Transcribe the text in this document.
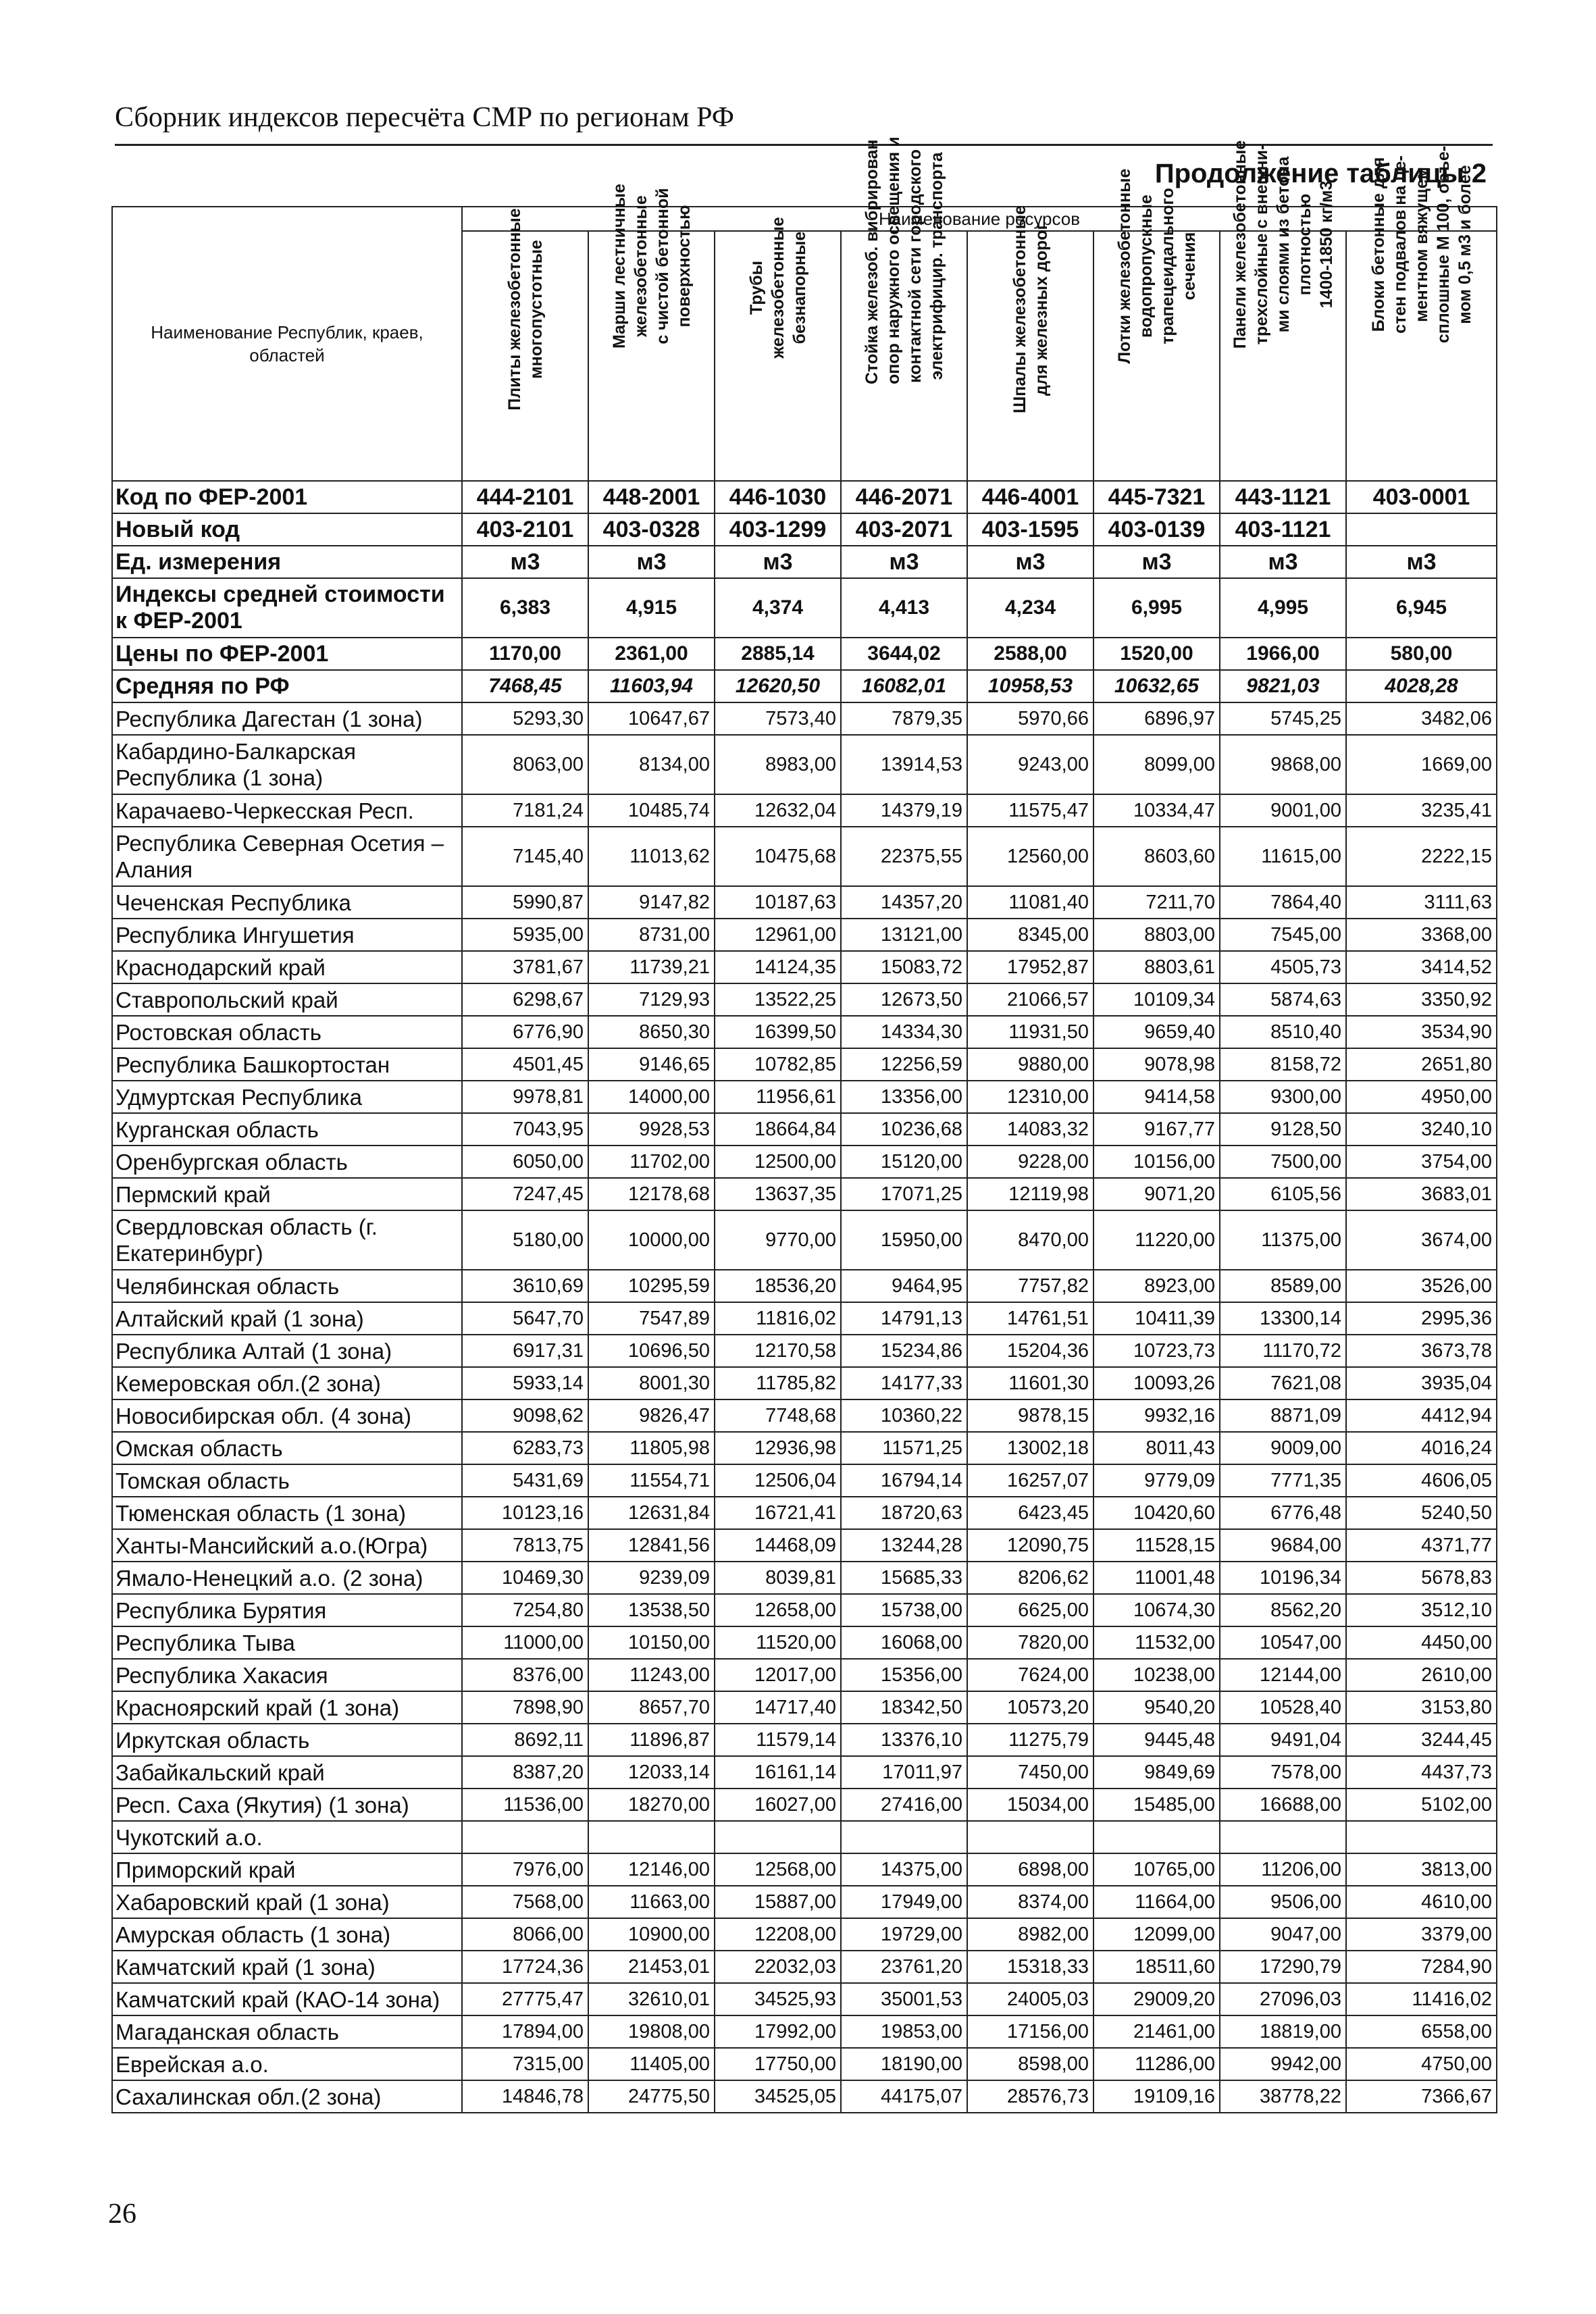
Сборник индексов пересчёта СМР по регионам РФ
Продолжение таблицы 2
Наименование Республик, краев, областей	Наименование ресурсов							

	Плиты железобетонные многопустотные	Марши лестничные железобетонные с чистой бетонной поверхностью	Трубы железобетонные безнапорные	Стойка железоб. вибрирован опор наружного освещения и контактной сети городского электрифицир. транспорта	Шпалы железобетонные для железных дорог	Лотки железобетонные водопропускные трапецеидального сечения	Панели железобетонные трехслойные с внешни- ми слоями из бетона плотностью 1400-1850 кг/м3	Блоки бетонные для стен подвалов на це- ментном вяжущем сплошные М 100, объе- мом 0,5 м3 и более

Код по ФЕР-2001	444-2101	448-2001	446-1030	446-2071	446-4001	445-7321	443-1121	403-0001
Новый код	403-2101	403-0328	403-1299	403-2071	403-1595	403-0139	403-1121	
Ед. измерения	м3	м3	м3	м3	м3	м3	м3	м3
Индексы средней стоимости к ФЕР-2001	6,383	4,915	4,374	4,413	4,234	6,995	4,995	6,945
Цены по ФЕР-2001	1170,00	2361,00	2885,14	3644,02	2588,00	1520,00	1966,00	580,00
Средняя по РФ	7468,45	11603,94	12620,50	16082,01	10958,53	10632,65	9821,03	4028,28
Республика Дагестан (1 зона)	5293,30	10647,67	7573,40	7879,35	5970,66	6896,97	5745,25	3482,06
Кабардино-Балкарская Республика (1 зона)	8063,00	8134,00	8983,00	13914,53	9243,00	8099,00	9868,00	1669,00
Карачаево-Черкесская Респ.	7181,24	10485,74	12632,04	14379,19	11575,47	10334,47	9001,00	3235,41
Республика Северная Осетия – Алания	7145,40	11013,62	10475,68	22375,55	12560,00	8603,60	11615,00	2222,15
Чеченская Республика	5990,87	9147,82	10187,63	14357,20	11081,40	7211,70	7864,40	3111,63
Республика Ингушетия	5935,00	8731,00	12961,00	13121,00	8345,00	8803,00	7545,00	3368,00
Краснодарский край	3781,67	11739,21	14124,35	15083,72	17952,87	8803,61	4505,73	3414,52
Ставропольский край	6298,67	7129,93	13522,25	12673,50	21066,57	10109,34	5874,63	3350,92
Ростовская область	6776,90	8650,30	16399,50	14334,30	11931,50	9659,40	8510,40	3534,90
Республика Башкортостан	4501,45	9146,65	10782,85	12256,59	9880,00	9078,98	8158,72	2651,80
Удмуртская Республика	9978,81	14000,00	11956,61	13356,00	12310,00	9414,58	9300,00	4950,00
Курганская область	7043,95	9928,53	18664,84	10236,68	14083,32	9167,77	9128,50	3240,10
Оренбургская область	6050,00	11702,00	12500,00	15120,00	9228,00	10156,00	7500,00	3754,00
Пермский край	7247,45	12178,68	13637,35	17071,25	12119,98	9071,20	6105,56	3683,01
Свердловская область (г. Екатеринбург)	5180,00	10000,00	9770,00	15950,00	8470,00	11220,00	11375,00	3674,00
Челябинская область	3610,69	10295,59	18536,20	9464,95	7757,82	8923,00	8589,00	3526,00
Алтайский край (1 зона)	5647,70	7547,89	11816,02	14791,13	14761,51	10411,39	13300,14	2995,36
Республика Алтай (1 зона)	6917,31	10696,50	12170,58	15234,86	15204,36	10723,73	11170,72	3673,78
Кемеровская обл.(2 зона)	5933,14	8001,30	11785,82	14177,33	11601,30	10093,26	7621,08	3935,04
Новосибирская обл. (4 зона)	9098,62	9826,47	7748,68	10360,22	9878,15	9932,16	8871,09	4412,94
Омская область	6283,73	11805,98	12936,98	11571,25	13002,18	8011,43	9009,00	4016,24
Томская область	5431,69	11554,71	12506,04	16794,14	16257,07	9779,09	7771,35	4606,05
Тюменская область (1 зона)	10123,16	12631,84	16721,41	18720,63	6423,45	10420,60	6776,48	5240,50
Ханты-Мансийский а.о.(Югра)	7813,75	12841,56	14468,09	13244,28	12090,75	11528,15	9684,00	4371,77
Ямало-Ненецкий а.о. (2 зона)	10469,30	9239,09	8039,81	15685,33	8206,62	11001,48	10196,34	5678,83
Республика Бурятия	7254,80	13538,50	12658,00	15738,00	6625,00	10674,30	8562,20	3512,10
Республика Тыва	11000,00	10150,00	11520,00	16068,00	7820,00	11532,00	10547,00	4450,00
Республика Хакасия	8376,00	11243,00	12017,00	15356,00	7624,00	10238,00	12144,00	2610,00
Красноярский край (1 зона)	7898,90	8657,70	14717,40	18342,50	10573,20	9540,20	10528,40	3153,80
Иркутская область	8692,11	11896,87	11579,14	13376,10	11275,79	9445,48	9491,04	3244,45
Забайкальский край	8387,20	12033,14	16161,14	17011,97	7450,00	9849,69	7578,00	4437,73
Респ. Саха (Якутия) (1 зона)	11536,00	18270,00	16027,00	27416,00	15034,00	15485,00	16688,00	5102,00
Чукотский а.о.								
Приморский край	7976,00	12146,00	12568,00	14375,00	6898,00	10765,00	11206,00	3813,00
Хабаровский край (1 зона)	7568,00	11663,00	15887,00	17949,00	8374,00	11664,00	9506,00	4610,00
Амурская область (1 зона)	8066,00	10900,00	12208,00	19729,00	8982,00	12099,00	9047,00	3379,00
Камчатский край (1 зона)	17724,36	21453,01	22032,03	23761,20	15318,33	18511,60	17290,79	7284,90
Камчатский край (КАО-14 зона)	27775,47	32610,01	34525,93	35001,53	24005,03	29009,20	27096,03	11416,02
Магаданская область	17894,00	19808,00	17992,00	19853,00	17156,00	21461,00	18819,00	6558,00
Еврейская а.о.	7315,00	11405,00	17750,00	18190,00	8598,00	11286,00	9942,00	4750,00
Сахалинская обл.(2 зона)	14846,78	24775,50	34525,05	44175,07	28576,73	19109,16	38778,22	7366,67
26
